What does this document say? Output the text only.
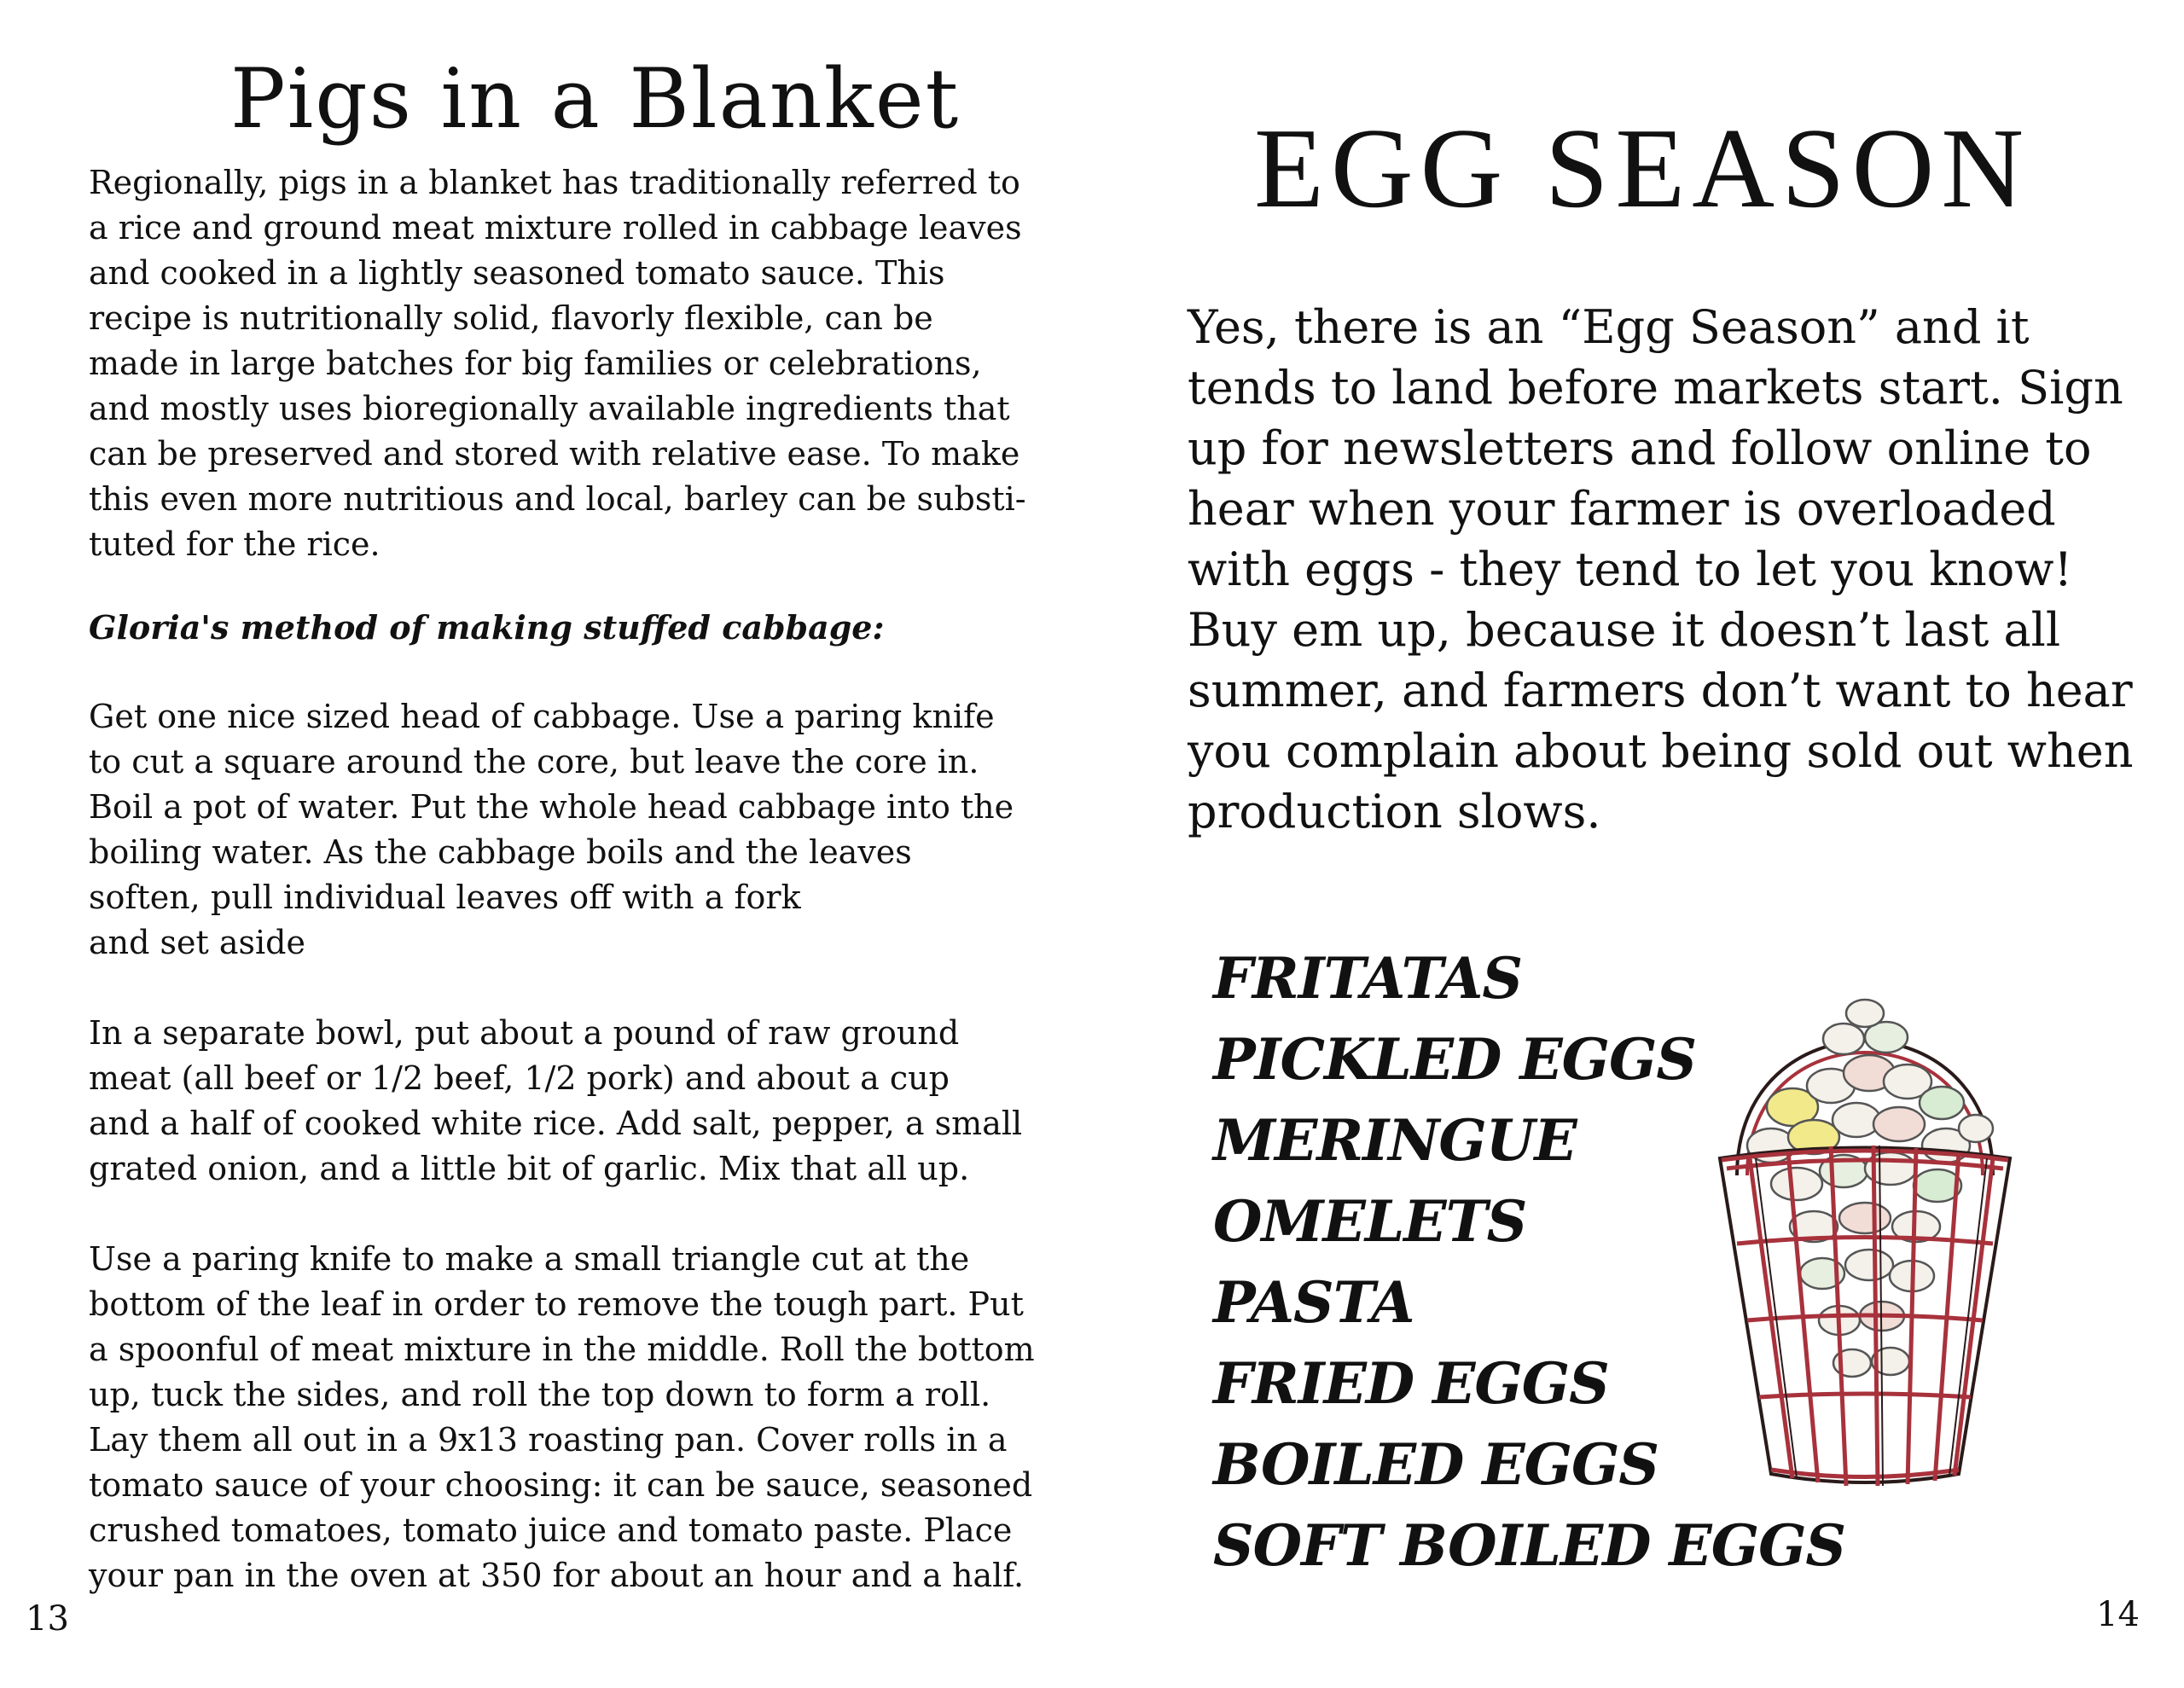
Pigs in a Blanket

Regionally, pigs in a blanket has traditionally referred to
a rice and ground meat mixture rolled in cabbage leaves
and cooked in a lightly seasoned tomato sauce. This
recipe is nutritionally solid, flavorly flexible, can be
made in large batches for big families or celebrations,
and mostly uses bioregionally available ingredients that
can be preserved and stored with relative ease. To make
this even more nutritious and local, barley can be substi-
tuted for the rice.

Gloria's method of making stuffed cabbage:

Get one nice sized head of cabbage. Use a paring knife
to cut a square around the core, but leave the core in.
Boil a pot of water. Put the whole head cabbage into the
boiling water. As the cabbage boils and the leaves
soften, pull individual leaves off with a fork
and set aside

In a separate bowl, put about a pound of raw ground
meat (all beef or 1/2 beef, 1/2 pork) and about a cup
and a half of cooked white rice. Add salt, pepper, a small
grated onion, and a little bit of garlic. Mix that all up.

Use a paring knife to make a small triangle cut at the
bottom of the leaf in order to remove the tough part. Put
a spoonful of meat mixture in the middle. Roll the bottom
up, tuck the sides, and roll the top down to form a roll.
Lay them all out in a 9x13 roasting pan. Cover rolls in a
tomato sauce of your choosing: it can be sauce, seasoned
crushed tomatoes, tomato juice and tomato paste. Place
your pan in the oven at 350 for about an hour and a half.

13
EGG SEASON

Yes, there is an “Egg Season” and it
tends to land before markets start. Sign
up for newsletters and follow online to
hear when your farmer is overloaded
with eggs - they tend to let you know!
Buy em up, because it doesn’t last all
summer, and farmers don’t want to hear
you complain about being sold out when
production slows.

FRITATAS
PICKLED EGGS
MERINGUE
OMELETS
PASTA
FRIED EGGS
BOILED EGGS
SOFT BOILED EGGS
14
